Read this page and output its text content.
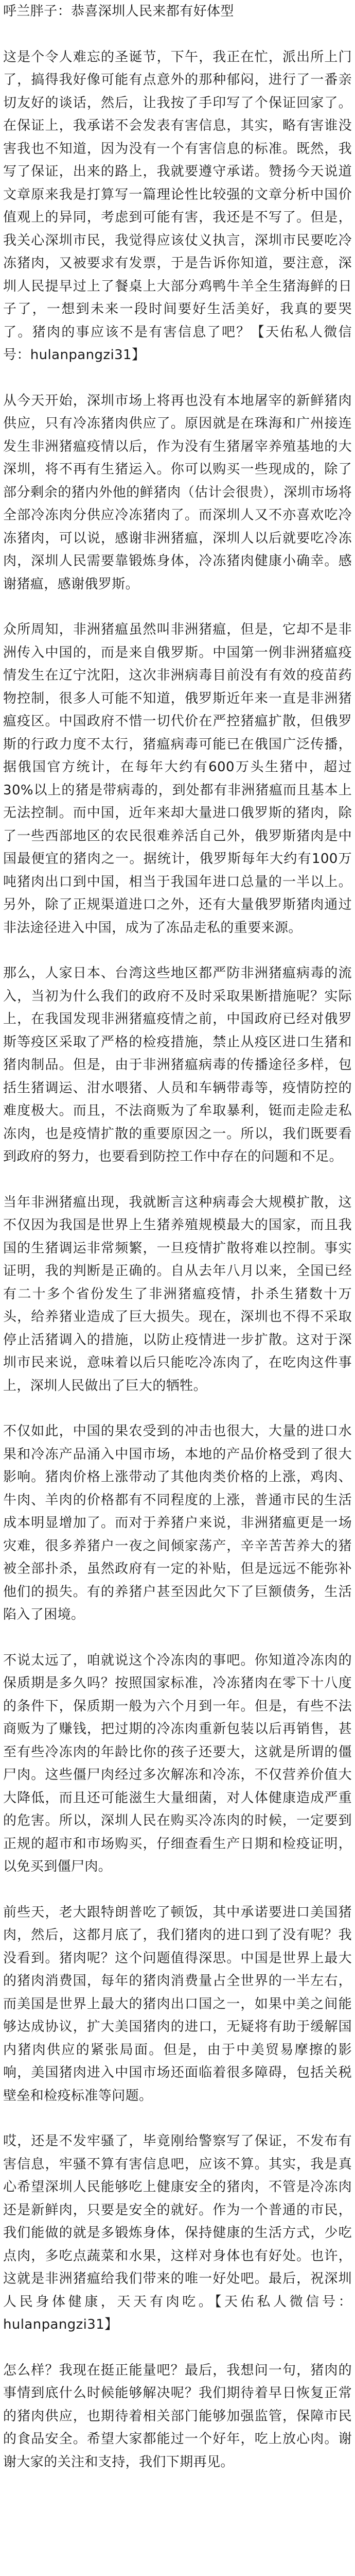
呼兰胖子：恭喜深圳人民来都有好体型

这是个令人难忘的圣诞节，下午，我正在忙，派出所上门了，搞得我好像可能有点意外的那种郁闷，进行了一番亲切友好的谈话，然后，让我按了手印写了个保证回家了。在保证上，我承诺不会发表有害信息，其实，略有害谁没害我也不知道，因为没有一个有害信息的标准。既然，我写了保证，出来的路上，我就要遵守承诺。赞扬今天说道文章原来我是打算写一篇理论性比较强的文章分析中国价值观上的异同，考虑到可能有害，我还是不写了。但是，我关心深圳市民，我觉得应该仗义执言，深圳市民要吃冷冻猪肉，又被要求有发票，于是告诉你知道，要注意，深圳人民提早过上了餐桌上大部分鸡鸭牛羊全生猪海鲜的日子了，一想到未来一段时间要好生活美好，我真的要哭了。猪肉的事应该不是有害信息了吧？【天佑私人微信号：hulanpangzi31】

从今天开始，深圳市场上将再也没有本地屠宰的新鲜猪肉供应，只有冷冻猪肉供应了。原因就是在珠海和广州接连发生非洲猪瘟疫情以后，作为没有生猪屠宰养殖基地的大深圳，将不再有生猪运入。你可以购买一些现成的，除了部分剩余的猪内外他的鲜猪肉（估计会很贵），深圳市场将全部冷冻肉分供应冷冻猪肉了。而深圳人又不亦喜欢吃冷冻猪肉，可以说，感谢非洲猪瘟，深圳人以后就要吃冷冻肉，深圳人民需要靠锻炼身体，冷冻猪肉健康小确幸。感谢猪瘟，感谢俄罗斯。

众所周知，非洲猪瘟虽然叫非洲猪瘟，但是，它却不是非洲传入中国的，而是来自俄罗斯。中国第一例非洲猪瘟疫情发生在辽宁沈阳，这次非洲病毒目前没有有效的疫苗药物控制，很多人可能不知道，俄罗斯近年来一直是非洲猪瘟疫区。中国政府不惜一切代价在严控猪瘟扩散，但俄罗斯的行政力度不太行，猪瘟病毒可能已在俄国广泛传播，据俄国官方统计，在每年大约有600万头生猪中，超过30%以上的猪是带病毒的，到处都有非洲猪瘟而且基本上无法控制。而中国，近年来却大量进口俄罗斯的猪肉，除了一些西部地区的农民很难养活自己外，俄罗斯猪肉是中国最便宜的猪肉之一。据统计，俄罗斯每年大约有100万吨猪肉出口到中国，相当于我国年进口总量的一半以上。另外，除了正规渠道进口之外，还有大量俄罗斯猪肉通过非法途径进入中国，成为了冻品走私的重要来源。

那么，人家日本、台湾这些地区都严防非洲猪瘟病毒的流入，当初为什么我们的政府不及时采取果断措施呢？实际上，在我国发现非洲猪瘟疫情之前，中国政府已经对俄罗斯等疫区采取了严格的检疫措施，禁止从疫区进口生猪和猪肉制品。但是，由于非洲猪瘟病毒的传播途径多样，包括生猪调运、泔水喂猪、人员和车辆带毒等，疫情防控的难度极大。而且，不法商贩为了牟取暴利，铤而走险走私冻肉，也是疫情扩散的重要原因之一。所以，我们既要看到政府的努力，也要看到防控工作中存在的问题和不足。

当年非洲猪瘟出现，我就断言这种病毒会大规模扩散，这不仅因为我国是世界上生猪养殖规模最大的国家，而且我国的生猪调运非常频繁，一旦疫情扩散将难以控制。事实证明，我的判断是正确的。自从去年八月以来，全国已经有二十多个省份发生了非洲猪瘟疫情，扑杀生猪数十万头，给养猪业造成了巨大损失。现在，深圳也不得不采取停止活猪调入的措施，以防止疫情进一步扩散。这对于深圳市民来说，意味着以后只能吃冷冻肉了，在吃肉这件事上，深圳人民做出了巨大的牺牲。

不仅如此，中国的果农受到的冲击也很大，大量的进口水果和冷冻产品涌入中国市场，本地的产品价格受到了很大影响。猪肉价格上涨带动了其他肉类价格的上涨，鸡肉、牛肉、羊肉的价格都有不同程度的上涨，普通市民的生活成本明显增加了。而对于养猪户来说，非洲猪瘟更是一场灾难，很多养猪户一夜之间倾家荡产，辛辛苦苦养大的猪被全部扑杀，虽然政府有一定的补贴，但是远远不能弥补他们的损失。有的养猪户甚至因此欠下了巨额债务，生活陷入了困境。

不说太远了，咱就说这个冷冻肉的事吧。你知道冷冻肉的保质期是多久吗？按照国家标准，冷冻猪肉在零下十八度的条件下，保质期一般为六个月到一年。但是，有些不法商贩为了赚钱，把过期的冷冻肉重新包装以后再销售，甚至有些冷冻肉的年龄比你的孩子还要大，这就是所谓的僵尸肉。这些僵尸肉经过多次解冻和冷冻，不仅营养价值大大降低，而且还可能滋生大量细菌，对人体健康造成严重的危害。所以，深圳人民在购买冷冻肉的时候，一定要到正规的超市和市场购买，仔细查看生产日期和检疫证明，以免买到僵尸肉。

前些天，老大跟特朗普吃了顿饭，其中承诺要进口美国猪肉，然后，这都月底了，我们猪肉的进口到了没有呢？我没看到。猪肉呢？这个问题值得深思。中国是世界上最大的猪肉消费国，每年的猪肉消费量占全世界的一半左右，而美国是世界上最大的猪肉出口国之一，如果中美之间能够达成协议，扩大美国猪肉的进口，无疑将有助于缓解国内猪肉供应的紧张局面。但是，由于中美贸易摩擦的影响，美国猪肉进入中国市场还面临着很多障碍，包括关税壁垒和检疫标准等问题。

哎，还是不发牢骚了，毕竟刚给警察写了保证，不发布有害信息，牢骚不算有害信息吧，应该不算。其实，我是真心希望深圳人民能够吃上健康安全的猪肉，不管是冷冻肉还是新鲜肉，只要是安全的就好。作为一个普通的市民，我们能做的就是多锻炼身体，保持健康的生活方式，少吃点肉，多吃点蔬菜和水果，这样对身体也有好处。也许，这就是非洲猪瘟给我们带来的唯一好处吧。最后，祝深圳人民身体健康，天天有肉吃。【天佑私人微信号：hulanpangzi31】

怎么样？我现在挺正能量吧？最后，我想问一句，猪肉的事情到底什么时候能够解决呢？我们期待着早日恢复正常的猪肉供应，也期待着相关部门能够加强监管，保障市民的食品安全。希望大家都能过一个好年，吃上放心肉。谢谢大家的关注和支持，我们下期再见。
